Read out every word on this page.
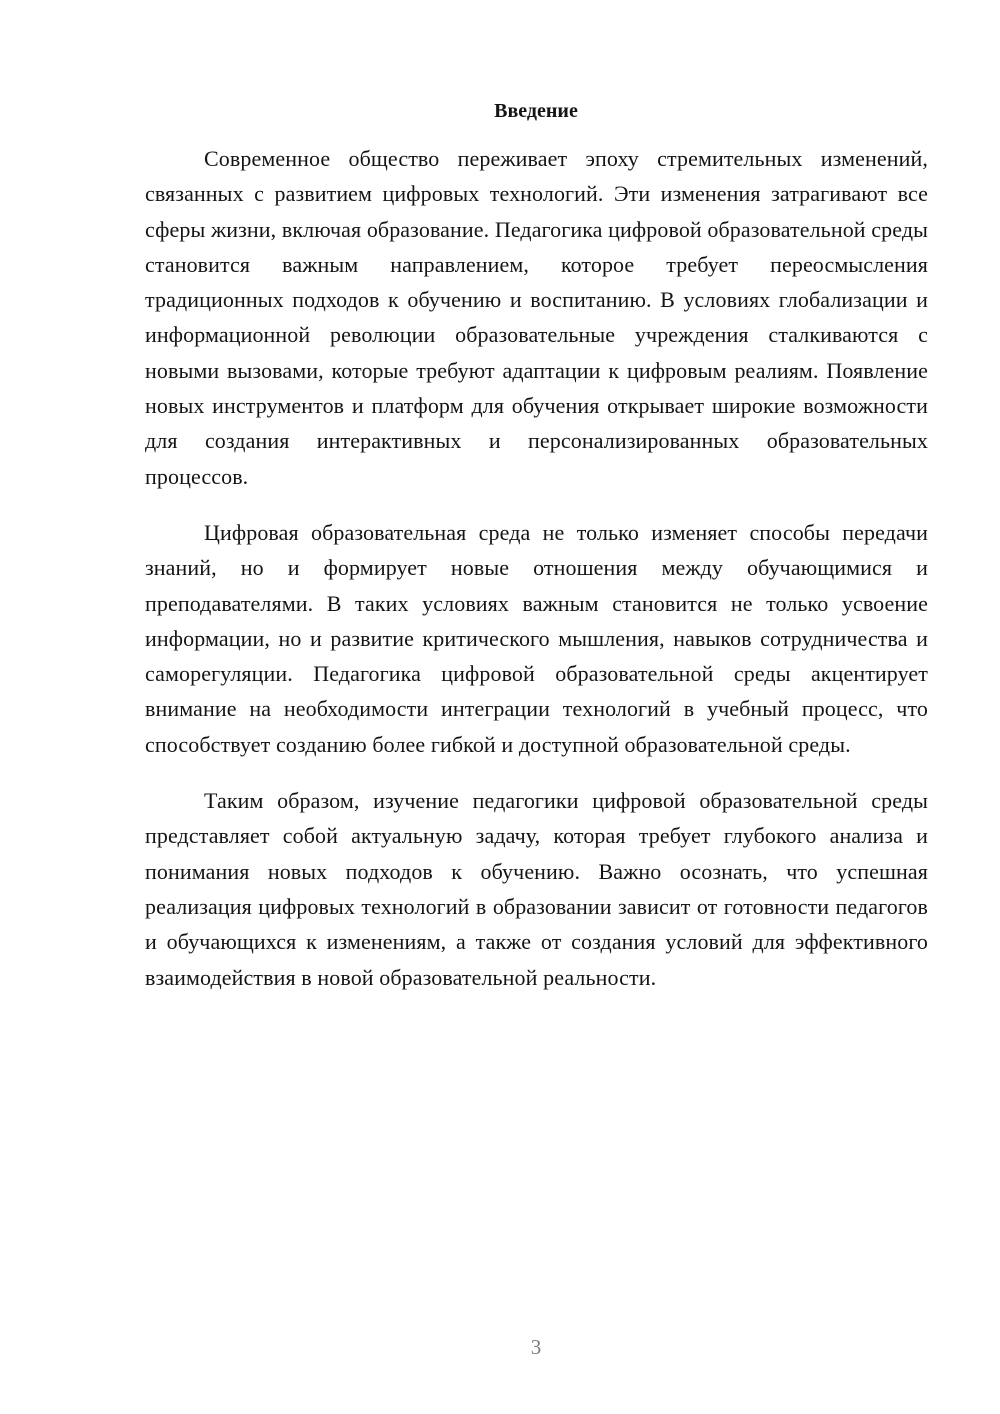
Введение

Современное общество переживает эпоху стремительных изменений, связанных с развитием цифровых технологий. Эти изменения затрагивают все сферы жизни, включая образование. Педагогика цифровой образовательной среды становится важным направлением, которое требует переосмысления традиционных подходов к обучению и воспитанию. В условиях глобализации и информационной революции образовательные учреждения сталкиваются с новыми вызовами, которые требуют адаптации к цифровым реалиям. Появление новых инструментов и платформ для обучения открывает широкие возможности для создания интерактивных и персонализированных образовательных процессов.

Цифровая образовательная среда не только изменяет способы передачи знаний, но и формирует новые отношения между обучающимися и преподавателями. В таких условиях важным становится не только усвоение информации, но и развитие критического мышления, навыков сотрудничества и саморегуляции. Педагогика цифровой образовательной среды акцентирует внимание на необходимости интеграции технологий в учебный процесс, что способствует созданию более гибкой и доступной образовательной среды.

Таким образом, изучение педагогики цифровой образовательной среды представляет собой актуальную задачу, которая требует глубокого анализа и понимания новых подходов к обучению. Важно осознать, что успешная реализация цифровых технологий в образовании зависит от готовности педагогов и обучающихся к изменениям, а также от создания условий для эффективного взаимодействия в новой образовательной реальности.

3
